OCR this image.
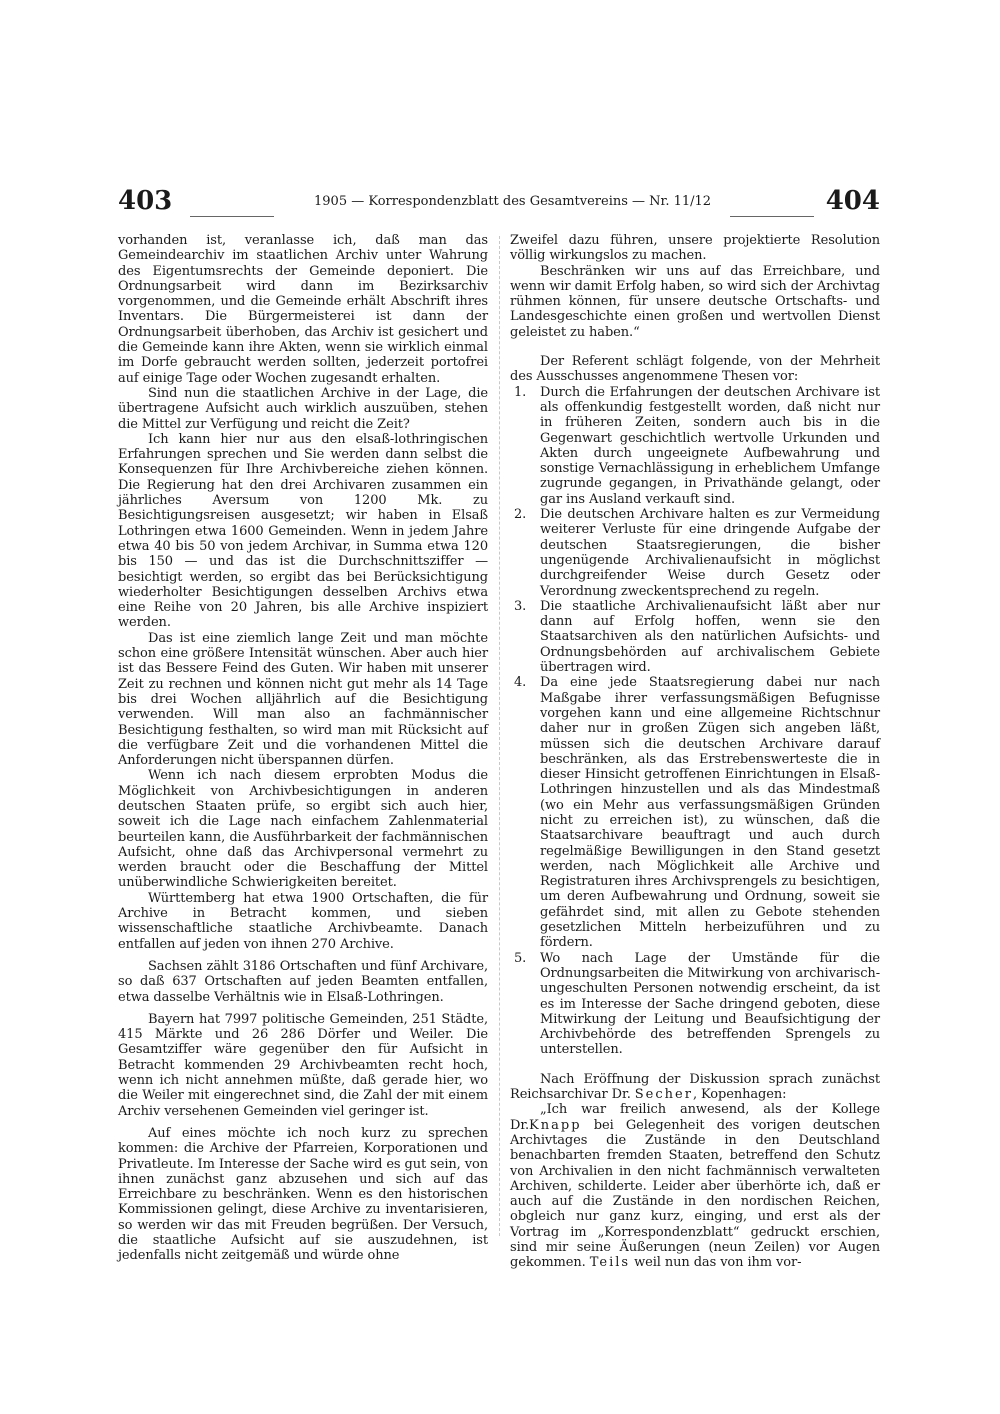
403	1905 — Korrespondenzblatt des Gesamtvereins — Nr. 11/12	404

vorhanden ist, veranlasse ich, daß man das Gemeindearchiv im staatlichen Archiv unter Wahrung des Eigentumsrechts der Gemeinde deponiert. Die Ordnungsarbeit wird dann im Bezirksarchiv vorgenommen, und die Gemeinde erhält Abschrift ihres Inventars. Die Bürgermeisterei ist dann der Ordnungsarbeit überhoben, das Archiv ist gesichert und die Gemeinde kann ihre Akten, wenn sie wirklich einmal im Dorfe gebraucht werden sollten, jederzeit portofrei auf einige Tage oder Wochen zugesandt erhalten.

Sind nun die staatlichen Archive in der Lage, die übertragene Aufsicht auch wirklich auszuüben, stehen die Mittel zur Verfügung und reicht die Zeit?

Ich kann hier nur aus den elsaß-lothringischen Erfahrungen sprechen und Sie werden dann selbst die Konsequenzen für Ihre Archivbereiche ziehen können. Die Regierung hat den drei Archivaren zusammen ein jährliches Aversum von 1200 Mk. zu Besichtigungsreisen ausgesetzt; wir haben in Elsaß Lothringen etwa 1600 Gemeinden. Wenn in jedem Jahre etwa 40 bis 50 von jedem Archivar, in Summa etwa 120 bis 150 — und das ist die Durchschnittsziffer — besichtigt werden, so ergibt das bei Berücksichtigung wiederholter Besichtigungen desselben Archivs etwa eine Reihe von 20 Jahren, bis alle Archive inspiziert werden.

Das ist eine ziemlich lange Zeit und man möchte schon eine größere Intensität wünschen. Aber auch hier ist das Bessere Feind des Guten. Wir haben mit unserer Zeit zu rechnen und können nicht gut mehr als 14 Tage bis drei Wochen alljährlich auf die Besichtigung verwenden. Will man also an fachmännischer Besichtigung festhalten, so wird man mit Rücksicht auf die verfügbare Zeit und die vorhandenen Mittel die Anforderungen nicht überspannen dürfen.

Wenn ich nach diesem erprobten Modus die Möglichkeit von Archivbesichtigungen in anderen deutschen Staaten prüfe, so ergibt sich auch hier, soweit ich die Lage nach einfachem Zahlenmaterial beurteilen kann, die Ausführbarkeit der fachmännischen Aufsicht, ohne daß das Archivpersonal vermehrt zu werden braucht oder die Beschaffung der Mittel unüberwindliche Schwierigkeiten bereitet.

Württemberg hat etwa 1900 Ortschaften, die für Archive in Betracht kommen, und sieben wissenschaftliche staatliche Archivbeamte. Danach entfallen auf jeden von ihnen 270 Archive.

Sachsen zählt 3186 Ortschaften und fünf Archivare, so daß 637 Ortschaften auf jeden Beamten entfallen, etwa dasselbe Verhältnis wie in Elsaß-Lothringen.

Bayern hat 7997 politische Gemeinden, 251 Städte, 415 Märkte und 26 286 Dörfer und Weiler. Die Gesamtziffer wäre gegenüber den für Aufsicht in Betracht kommenden 29 Archivbeamten recht hoch, wenn ich nicht annehmen müßte, daß gerade hier, wo die Weiler mit eingerechnet sind, die Zahl der mit einem Archiv versehenen Gemeinden viel geringer ist.

Auf eines möchte ich noch kurz zu sprechen kommen: die Archive der Pfarreien, Korporationen und Privatleute. Im Interesse der Sache wird es gut sein, von ihnen zunächst ganz abzusehen und sich auf das Erreichbare zu beschränken. Wenn es den historischen Kommissionen gelingt, diese Archive zu inventarisieren, so werden wir das mit Freuden begrüßen. Der Versuch, die staatliche Aufsicht auf sie auszudehnen, ist jedenfalls nicht zeitgemäß und würde ohne

Zweifel dazu führen, unsere projektierte Resolution völlig wirkungslos zu machen.

Beschränken wir uns auf das Erreichbare, und wenn wir damit Erfolg haben, so wird sich der Archivtag rühmen können, für unsere deutsche Ortschafts- und Landesgeschichte einen großen und wertvollen Dienst geleistet zu haben.“

Der Referent schlägt folgende, von der Mehrheit des Ausschusses angenommene Thesen vor:

1. Durch die Erfahrungen der deutschen Archivare ist als offenkundig festgestellt worden, daß nicht nur in früheren Zeiten, sondern auch bis in die Gegenwart geschichtlich wertvolle Urkunden und Akten durch ungeeignete Aufbewahrung und sonstige Vernachlässigung in erheblichem Umfange zugrunde gegangen, in Privathände gelangt, oder gar ins Ausland verkauft sind.
2. Die deutschen Archivare halten es zur Vermeidung weiterer Verluste für eine dringende Aufgabe der deutschen Staatsregierungen, die bisher ungenügende Archivalienaufsicht in möglichst durchgreifender Weise durch Gesetz oder Verordnung zweckentsprechend zu regeln.
3. Die staatliche Archivalienaufsicht läßt aber nur dann auf Erfolg hoffen, wenn sie den Staatsarchiven als den natürlichen Aufsichts- und Ordnungsbehörden auf archivalischem Gebiete übertragen wird.
4. Da eine jede Staatsregierung dabei nur nach Maßgabe ihrer verfassungsmäßigen Befugnisse vorgehen kann und eine allgemeine Richtschnur daher nur in großen Zügen sich angeben läßt, müssen sich die deutschen Archivare darauf beschränken, als das Erstrebenswerteste die in dieser Hinsicht getroffenen Einrichtungen in Elsaß-Lothringen hinzustellen und als das Mindestmaß (wo ein Mehr aus verfassungsmäßigen Gründen nicht zu erreichen ist), zu wünschen, daß die Staatsarchivare beauftragt und auch durch regelmäßige Bewilligungen in den Stand gesetzt werden, nach Möglichkeit alle Archive und Registraturen ihres Archivsprengels zu besichtigen, um deren Aufbewahrung und Ordnung, soweit sie gefährdet sind, mit allen zu Gebote stehenden gesetzlichen Mitteln herbeizuführen und zu fördern.
5. Wo nach Lage der Umstände für die Ordnungsarbeiten die Mitwirkung von archivarisch-ungeschulten Personen notwendig erscheint, da ist es im Interesse der Sache dringend geboten, diese Mitwirkung der Leitung und Beaufsichtigung der Archivbehörde des betreffenden Sprengels zu unterstellen.

Nach Eröffnung der Diskussion sprach zunächst Reichsarchivar Dr. Secher, Kopenhagen:

„Ich war freilich anwesend, als der Kollege Dr.Knapp bei Gelegenheit des vorigen deutschen Archivtages die Zustände in den Deutschland benachbarten fremden Staaten, betreffend den Schutz von Archivalien in den nicht fachmännisch verwalteten Archiven, schilderte. Leider aber überhörte ich, daß er auch auf die Zustände in den nordischen Reichen, obgleich nur ganz kurz, einging, und erst als der Vortrag im „Korrespondenzblatt“ gedruckt erschien, sind mir seine Äußerungen (neun Zeilen) vor Augen gekommen. Teils weil nun das von ihm vor-
